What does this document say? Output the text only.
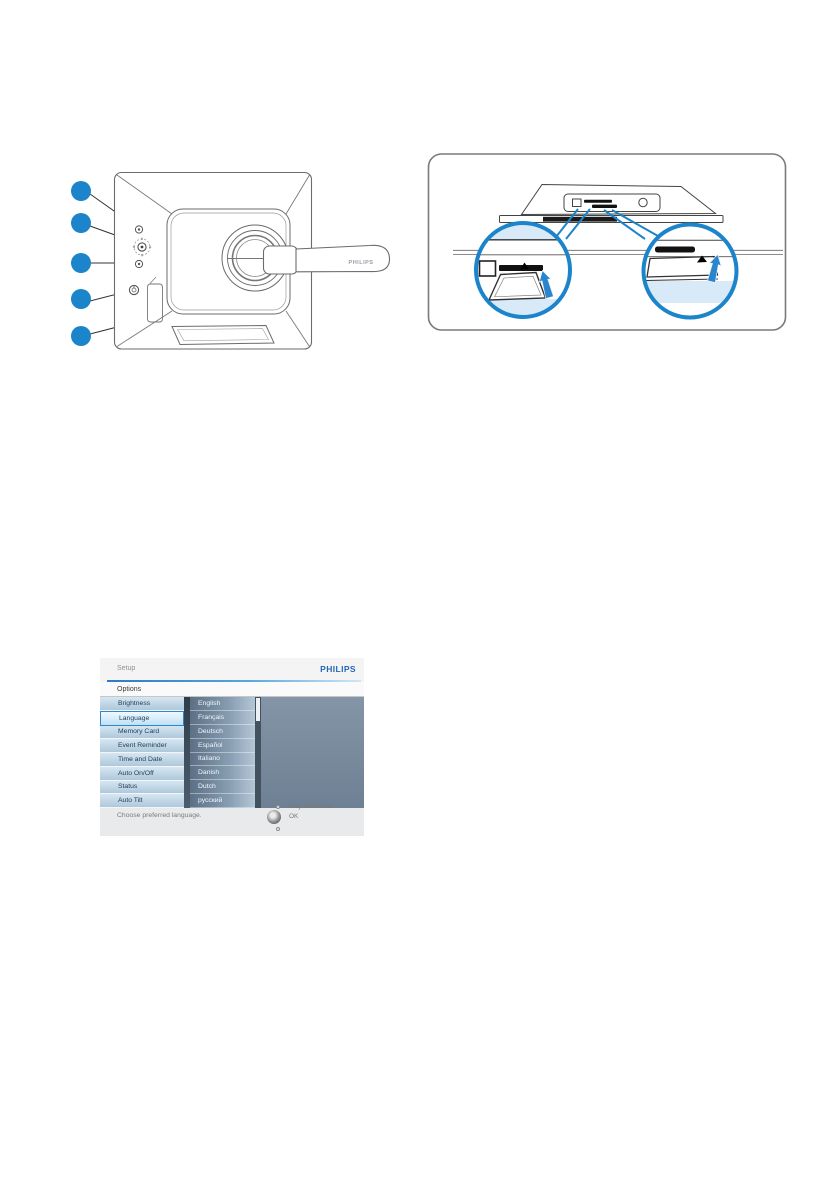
PHILIPS
Setup	PHILIPS
Options
Brightness
Language
Memory Card
Event Reminder
Time and Date
Auto On/Off
Status
Auto Tilt
English
Français
Deutsch
Español
Italiano
Danish
Dutch
русский
Choose preferred language.
Play Slideshow
OK
